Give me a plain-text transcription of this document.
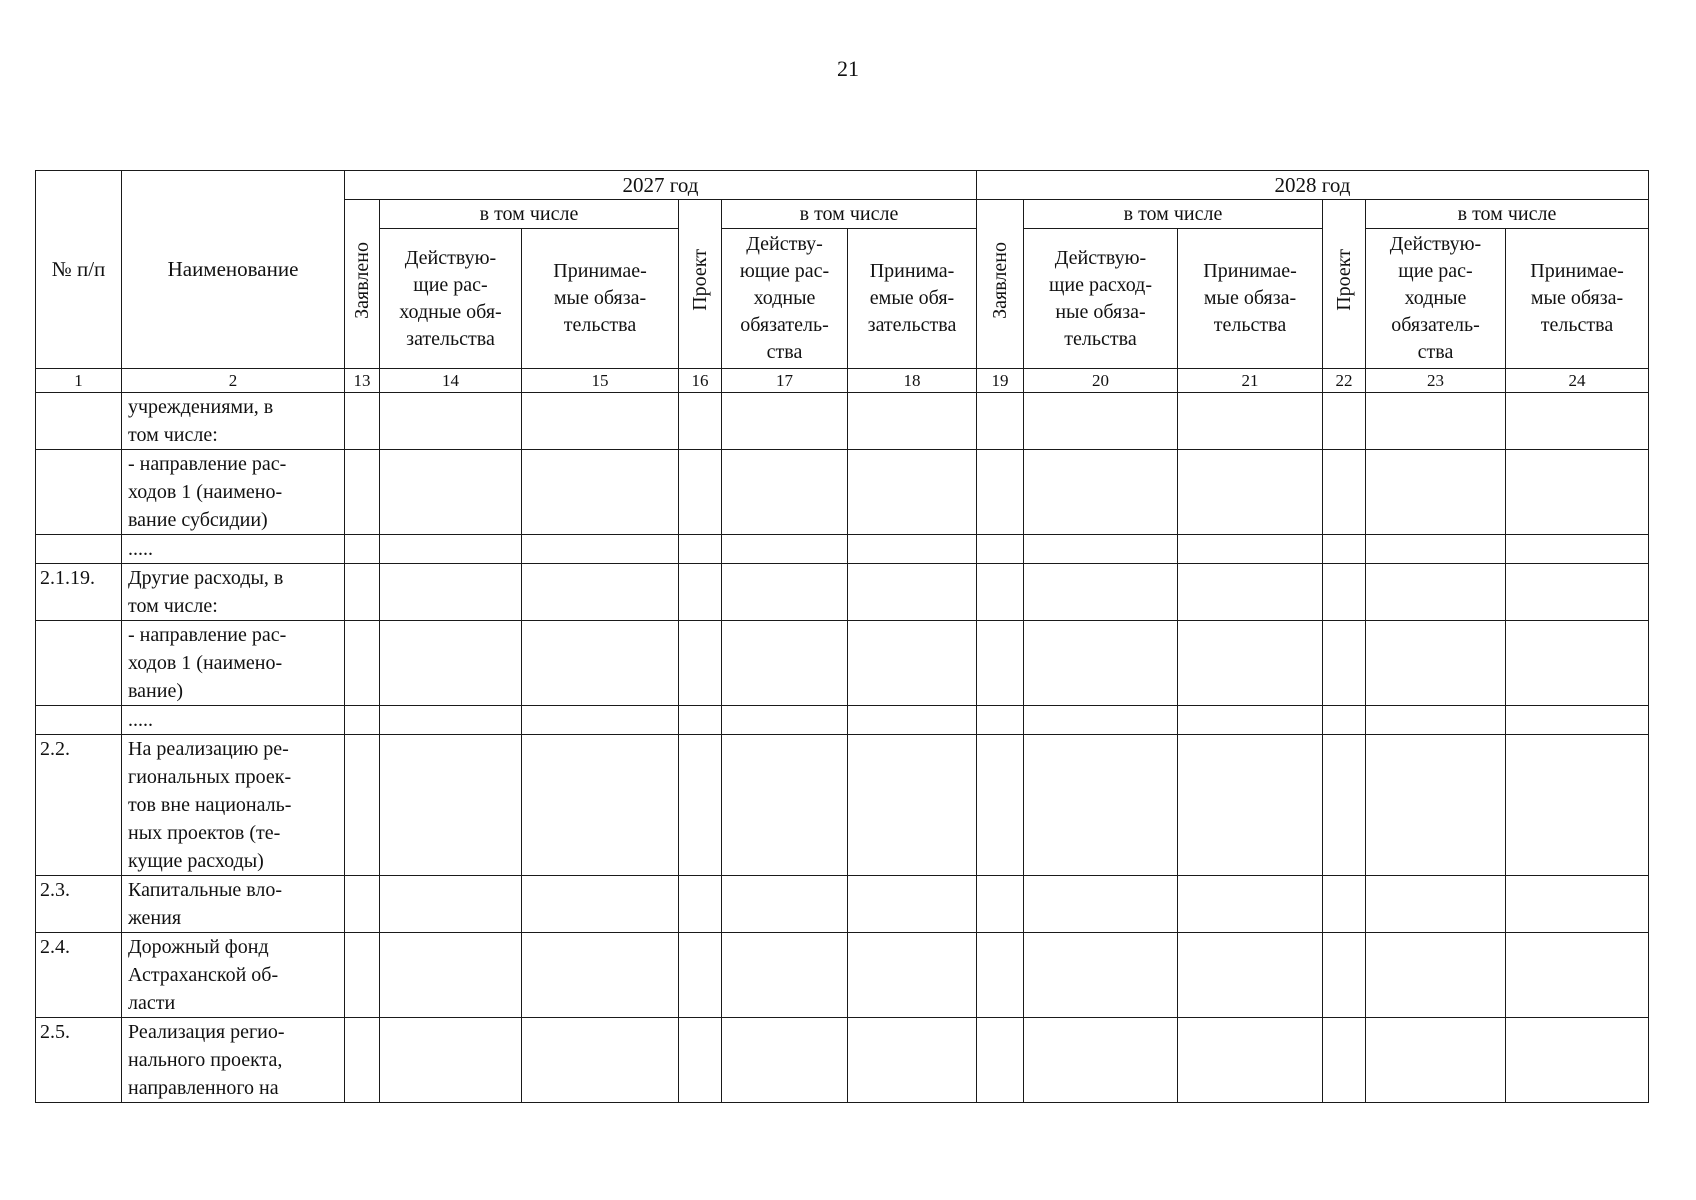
21
№ п/п	Наименование	2027 год						2028 год					
		Заявлено	в том числе		Проект	в том числе		Заявлено	в том числе		Проект	в том числе	
			Действую-
щие рас-
ходные обя-
зательства	Принимае-
мые обяза-
тельства		Действу-
ющие рас-
ходные
обязатель-
ства	Принима-
емые обя-
зательства		Действую-
щие расход-
ные обяза-
тельства	Принимае-
мые обяза-
тельства		Действую-
щие рас-
ходные
обязатель-
ства	Принимае-
мые обяза-
тельства
1	2	13	14	15	16	17	18	19	20	21	22	23	24
	учреждениями, в
том числе:												
	- направление рас-
ходов 1 (наимено-
вание субсидии)												
	.....												
2.1.19.	Другие расходы, в
том числе:												
	- направление рас-
ходов 1 (наимено-
вание)												
	.....												
2.2.	На реализацию ре-
гиональных проек-
тов вне националь-
ных проектов (те-
кущие расходы)												
2.3.	Капитальные вло-
жения												
2.4.	Дорожный фонд
Астраханской об-
ласти												
2.5.	Реализация регио-
нального проекта,
направленного на												
